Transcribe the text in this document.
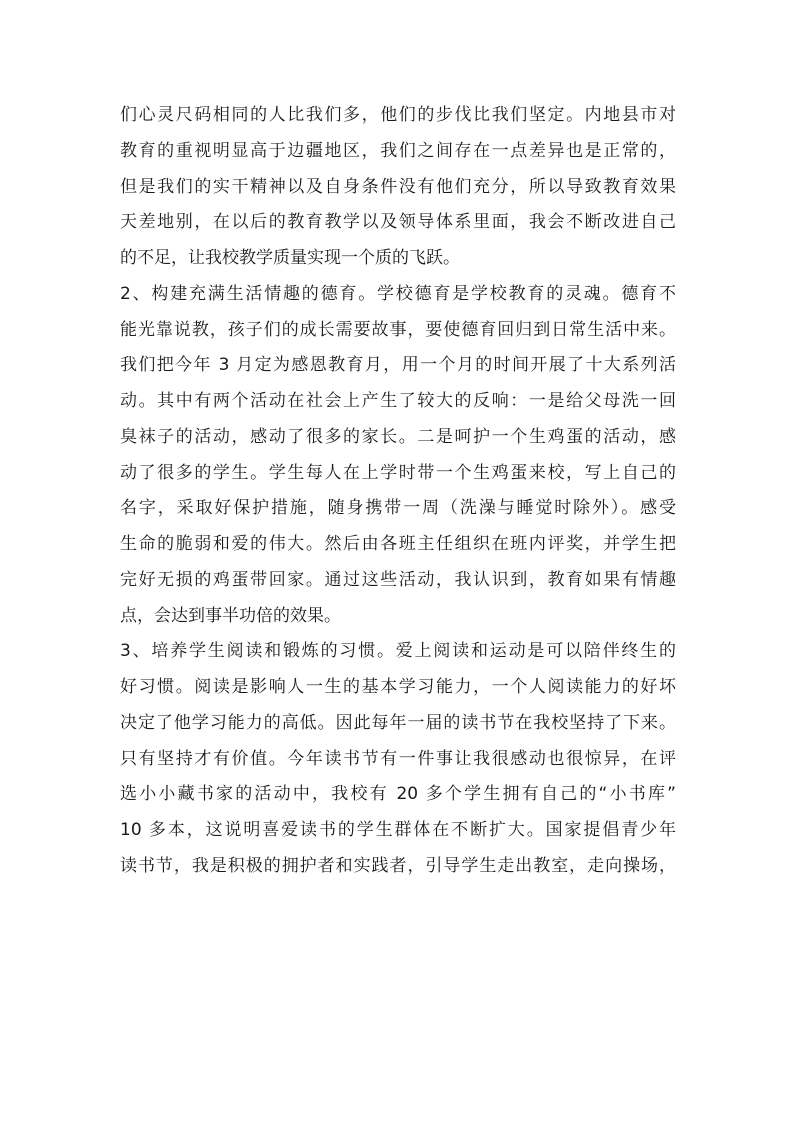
们心灵尺码相同的人比我们多，他们的步伐比我们坚定。内地县市对
教育的重视明显高于边疆地区，我们之间存在一点差异也是正常的，
但是我们的实干精神以及自身条件没有他们充分，所以导致教育效果
天差地别，在以后的教育教学以及领导体系里面，我会不断改进自己
的不足，让我校教学质量实现一个质的飞跃。
2、构建充满生活情趣的德育。学校德育是学校教育的灵魂。德育不
能光靠说教，孩子们的成长需要故事，要使德育回归到日常生活中来。
我们把今年 3 月定为感恩教育月，用一个月的时间开展了十大系列活
动。其中有两个活动在社会上产生了较大的反响：一是给父母洗一回
臭袜子的活动，感动了很多的家长。二是呵护一个生鸡蛋的活动，感
动了很多的学生。学生每人在上学时带一个生鸡蛋来校，写上自己的
名字，采取好保护措施，随身携带一周（洗澡与睡觉时除外）。感受
生命的脆弱和爱的伟大。然后由各班主任组织在班内评奖，并学生把
完好无损的鸡蛋带回家。通过这些活动，我认识到，教育如果有情趣
点，会达到事半功倍的效果。
3、培养学生阅读和锻炼的习惯。爱上阅读和运动是可以陪伴终生的
好习惯。阅读是影响人一生的基本学习能力，一个人阅读能力的好坏
决定了他学习能力的高低。因此每年一届的读书节在我校坚持了下来。
只有坚持才有价值。今年读书节有一件事让我很感动也很惊异，在评
选小小藏书家的活动中，我校有 20 多个学生拥有自己的“小书库”
10 多本，这说明喜爱读书的学生群体在不断扩大。国家提倡青少年
读书节，我是积极的拥护者和实践者，引导学生走出教室，走向操场，
